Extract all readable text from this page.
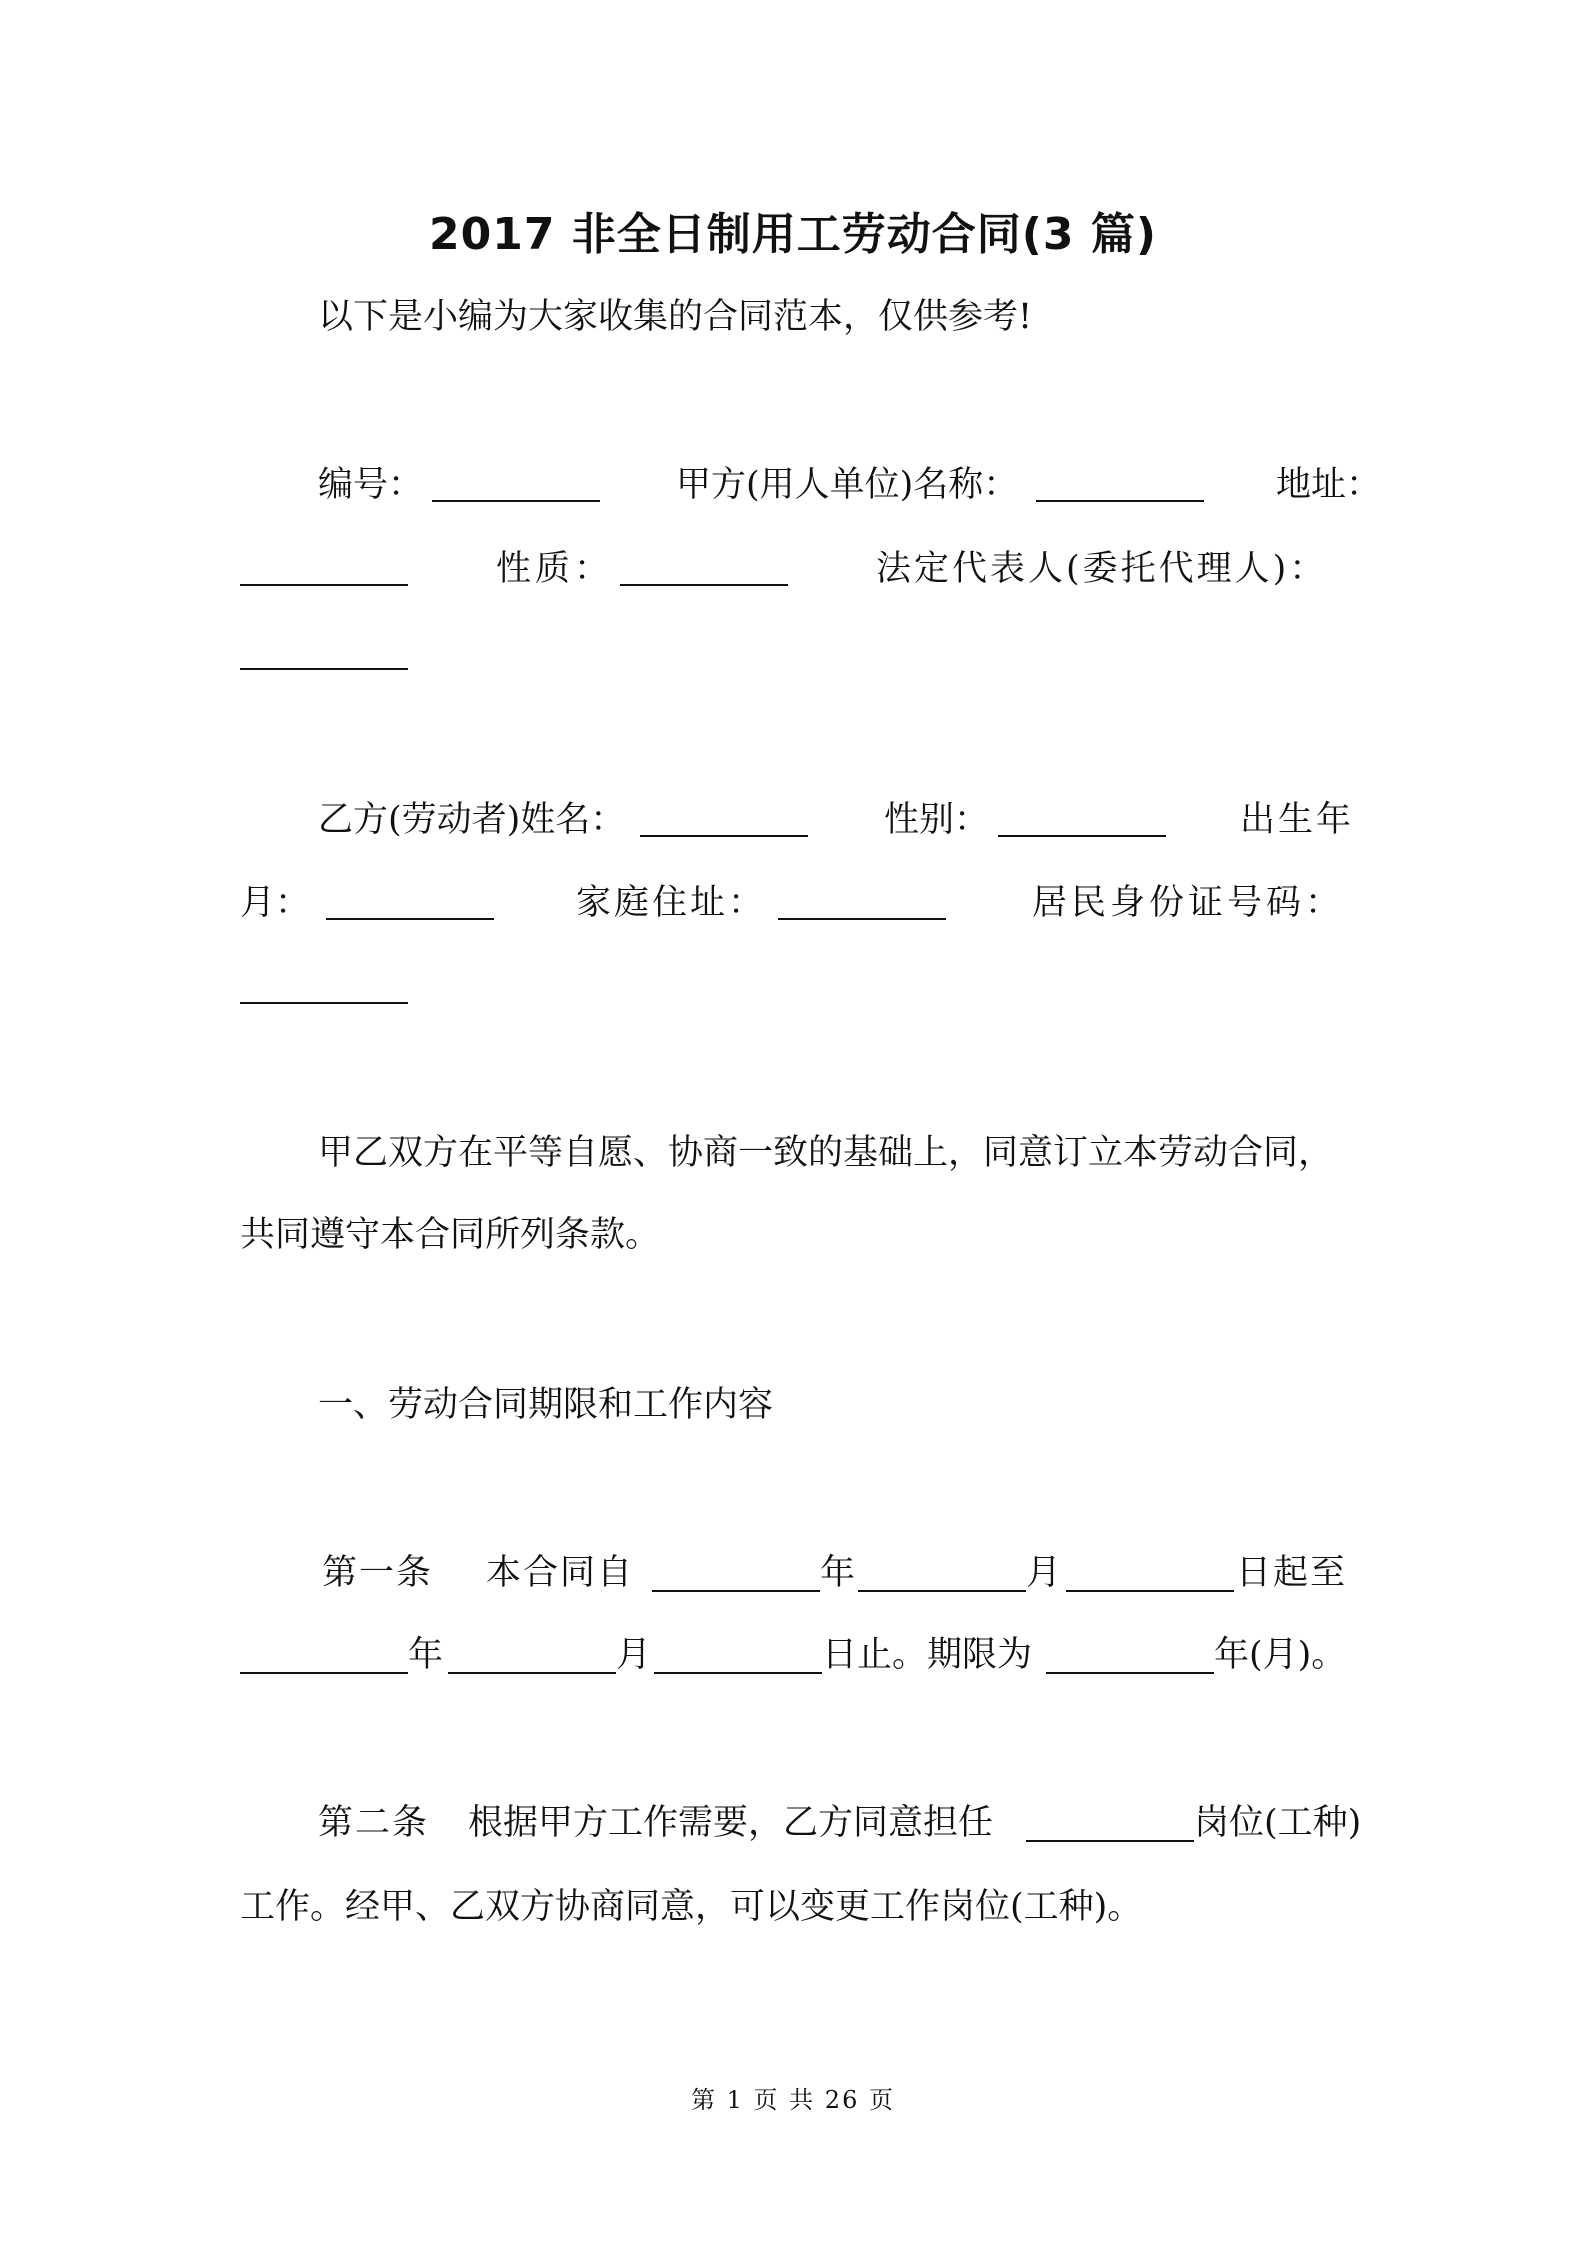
2017 非全日制用工劳动合同(3 篇)
以下是小编为大家收集的合同范本，仅供参考!
编号：	甲方(用人单位)名称：	地址：
性质：	法定代表人(委托代理人)：
乙方(劳动者)姓名：	性别：	出生年
月：	家庭住址：	居民身份证号码：
甲乙双方在平等自愿、协商一致的基础上，同意订立本劳动合同，
共同遵守本合同所列条款。
一、劳动合同期限和工作内容
第一条 本合同自	年	月	日起至
年	月	日止。期限为	年(月)。
第二条 根据甲方工作需要，乙方同意担任	岗位(工种)
工作。经甲、乙双方协商同意，可以变更工作岗位(工种)。
第 1 页 共 26 页
